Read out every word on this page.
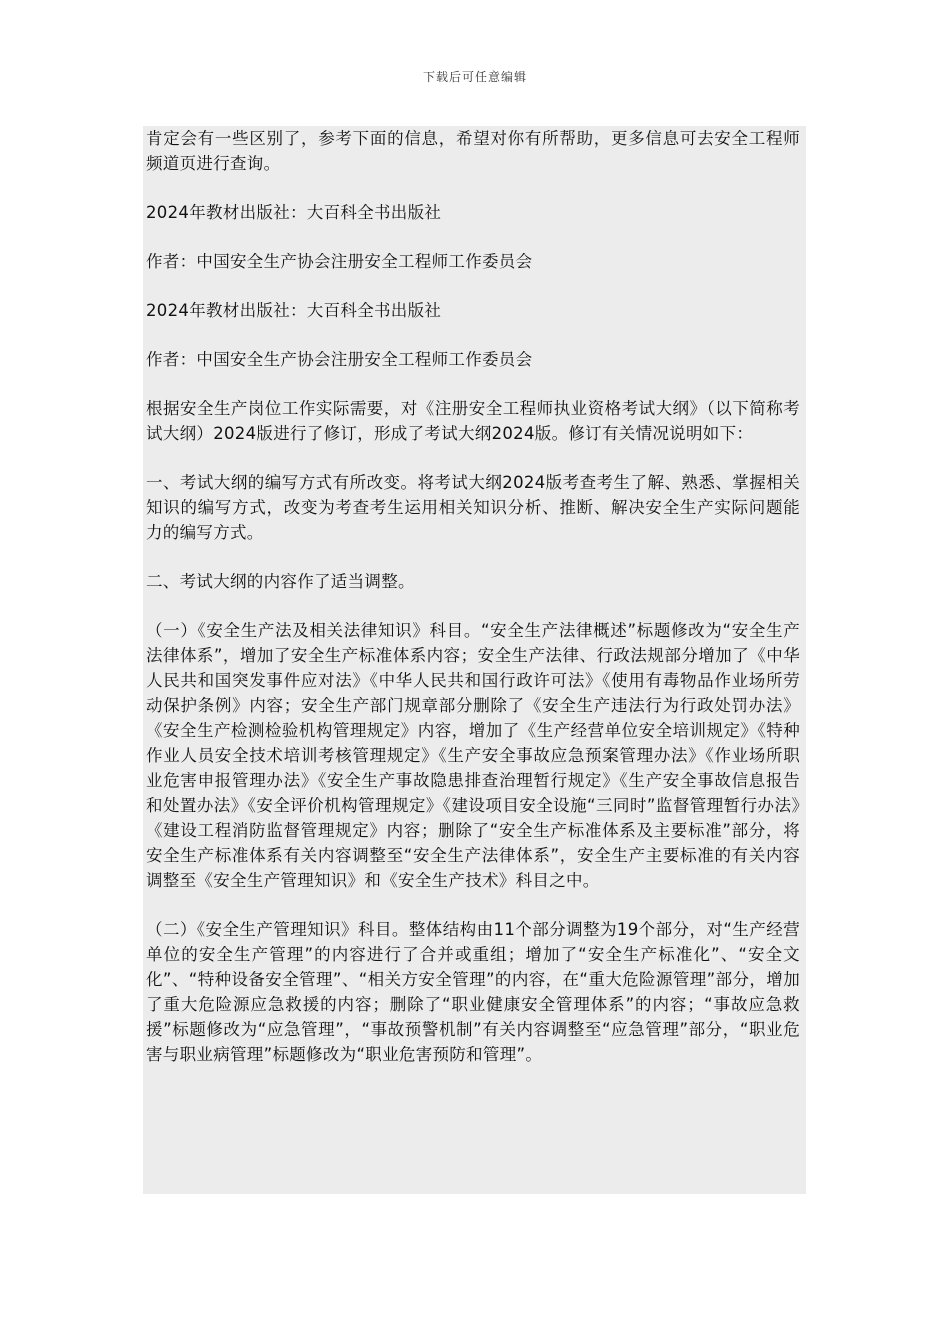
下载后可任意编辑

肯定会有一些区别了，参考下面的信息，希望对你有所帮助，更多信息可去安全工程师频道页进行查询。

2024年教材出版社：大百科全书出版社

作者：中国安全生产协会注册安全工程师工作委员会

2024年教材出版社：大百科全书出版社

作者：中国安全生产协会注册安全工程师工作委员会

根据安全生产岗位工作实际需要，对《注册安全工程师执业资格考试大纲》（以下简称考试大纲）2024版进行了修订，形成了考试大纲2024版。修订有关情况说明如下：

一、考试大纲的编写方式有所改变。将考试大纲2024版考查考生了解、熟悉、掌握相关知识的编写方式，改变为考查考生运用相关知识分析、推断、解决安全生产实际问题能力的编写方式。

二、考试大纲的内容作了适当调整。

（一）《安全生产法及相关法律知识》科目。“安全生产法律概述”标题修改为“安全生产法律体系”，增加了安全生产标准体系内容；安全生产法律、行政法规部分增加了《中华人民共和国突发事件应对法》《中华人民共和国行政许可法》《使用有毒物品作业场所劳动保护条例》内容；安全生产部门规章部分删除了《安全生产违法行为行政处罚办法》《安全生产检测检验机构管理规定》内容，增加了《生产经营单位安全培训规定》《特种作业人员安全技术培训考核管理规定》《生产安全事故应急预案管理办法》《作业场所职业危害申报管理办法》《安全生产事故隐患排查治理暂行规定》《生产安全事故信息报告和处置办法》《安全评价机构管理规定》《建设项目安全设施“三同时”监督管理暂行办法》《建设工程消防监督管理规定》内容；删除了“安全生产标准体系及主要标准”部分，将安全生产标准体系有关内容调整至“安全生产法律体系”，安全生产主要标准的有关内容调整至《安全生产管理知识》和《安全生产技术》科目之中。

（二）《安全生产管理知识》科目。整体结构由11个部分调整为19个部分，对“生产经营单位的安全生产管理”的内容进行了合并或重组；增加了“安全生产标准化”、“安全文化”、“特种设备安全管理”、“相关方安全管理”的内容，在“重大危险源管理”部分，增加了重大危险源应急救援的内容；删除了“职业健康安全管理体系”的内容；“事故应急救援”标题修改为“应急管理”，“事故预警机制”有关内容调整至“应急管理”部分，“职业危害与职业病管理”标题修改为“职业危害预防和管理”。
